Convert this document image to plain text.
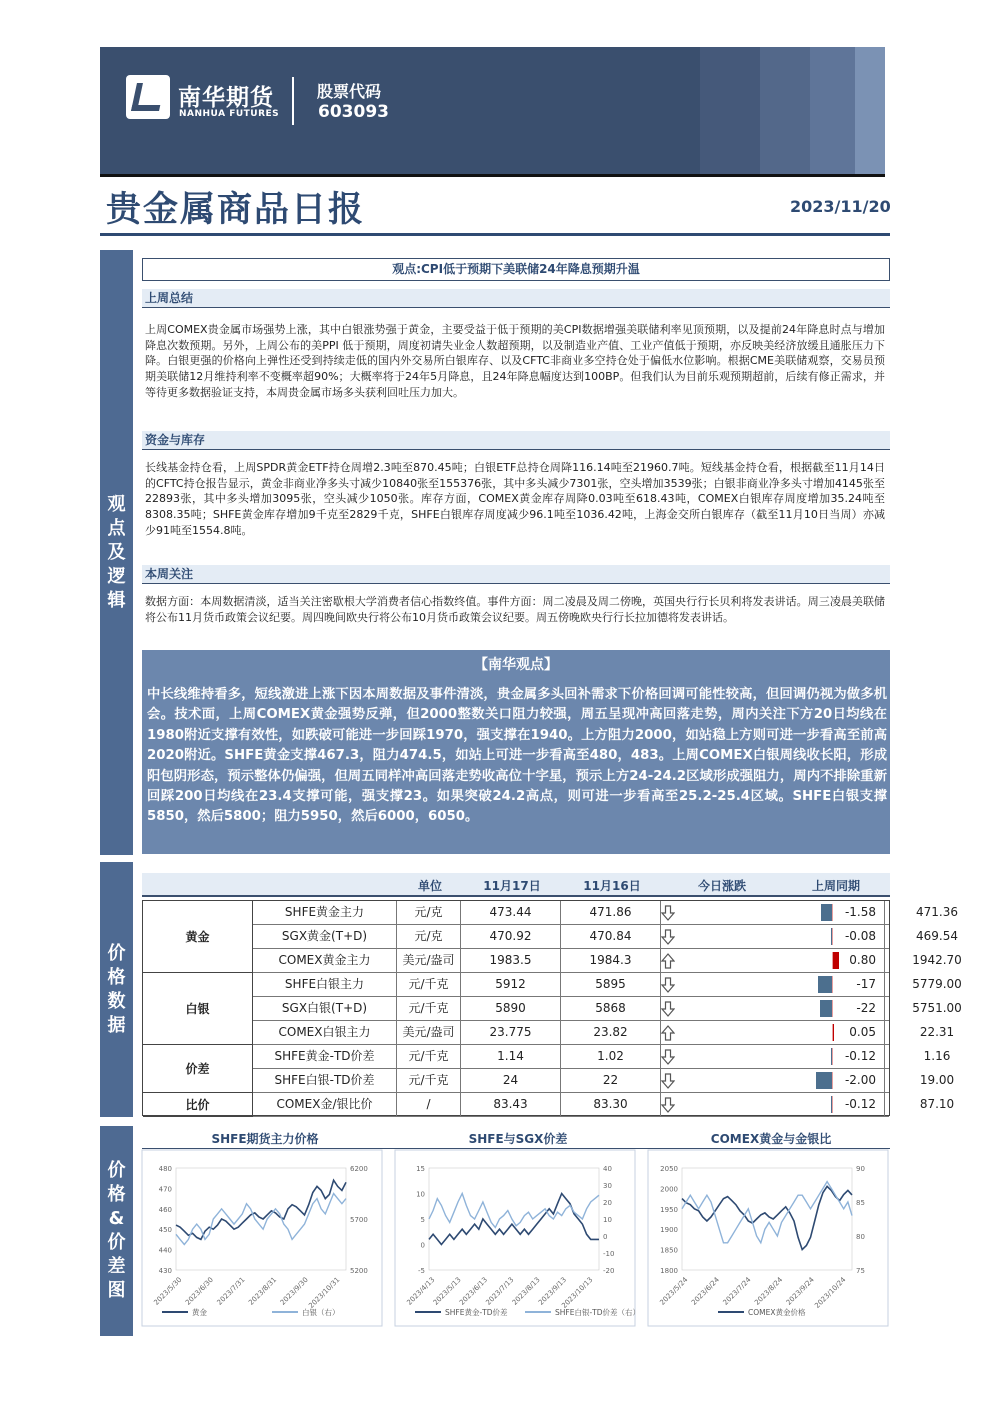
南华期货
NANHUA FUTURES
股票代码
603093
贵金属商品日报	2023/11/20
观点及逻辑
价格数据
价格&价差图
观点:CPI低于预期下美联储24年降息预期升温
上周总结
上周COMEX贵金属市场强势上涨，其中白银涨势强于黄金，主要受益于低于预期的美CPI数据增强美联储利率见顶预期，以及提前24年降息时点与增加降息次数预期。另外，上周公布的美PPI 低于预期，周度初请失业金人数超预期，以及制造业产值、工业产值低于预期，亦反映美经济放缓且通胀压力下降。白银更强的价格向上弹性还受到持续走低的国内外交易所白银库存、以及CFTC非商业多空持仓处于偏低水位影响。根据CME美联储观察，交易员预期美联储12月维持利率不变概率超90%；大概率将于24年5月降息，且24年降息幅度达到100BP。但我们认为目前乐观预期超前，后续有修正需求，并等待更多数据验证支持，本周贵金属市场多头获利回吐压力加大。
资金与库存
长线基金持仓看，上周SPDR黄金ETF持仓周增2.3吨至870.45吨；白银ETF总持仓周降116.14吨至21960.7吨。短线基金持仓看，根据截至11月14日的CFTC持仓报告显示，黄金非商业净多头寸减少10840张至155376张，其中多头减少7301张，空头增加3539张；白银非商业净多头寸增加4145张至22893张，其中多头增加3095张，空头减少1050张。库存方面，COMEX黄金库存周降0.03吨至618.43吨，COMEX白银库存周度增加35.24吨至8308.35吨；SHFE黄金库存增加9千克至2829千克，SHFE白银库存周度减少96.1吨至1036.42吨，上海金交所白银库存（截至11月10日当周）亦减少91吨至1554.8吨。
本周关注
数据方面：本周数据清淡，适当关注密歇根大学消费者信心指数终值。事件方面：周二凌晨及周二傍晚，英国央行行长贝利将发表讲话。周三凌晨美联储将公布11月货币政策会议纪要。周四晚间欧央行将公布10月货币政策会议纪要。周五傍晚欧央行行长拉加德将发表讲话。
【南华观点】
中长线维持看多，短线激进上涨下因本周数据及事件清淡，贵金属多头回补需求下价格回调可能性较高，但回调仍视为做多机会。技术面，上周COMEX黄金强势反弹，但2000整数关口阻力较强，周五呈现冲高回落走势，周内关注下方20日均线在1980附近支撑有效性，如跌破可能进一步回踩1970，强支撑在1940。上方阻力2000，如站稳上方则可进一步看高至前高2020附近。SHFE黄金支撑467.3，阻力474.5，如站上可进一步看高至480，483。上周COMEX白银周线收长阳，形成阳包阴形态，预示整体仍偏强，但周五同样冲高回落走势收高位十字星，预示上方24-24.2区域形成强阻力，周内不排除重新回踩200日均线在23.4支撑可能，强支撑23。如果突破24.2高点，则可进一步看高至25.2-25.4区域。SHFE白银支撑5850，然后5800；阻力5950，然后6000，6050。
单位	11月17日	11月16日	今日涨跌	上周同期
黄金
白银
价差
比价
SHFE黄金主力	元/克	473.44	471.86	-1.58	471.36
SGX黄金(T+D)	元/克	470.92	470.84	-0.08	469.54
COMEX黄金主力	美元/盎司	1983.5	1984.3	0.80	1942.70
SHFE白银主力	元/千克	5912	5895	-17	5779.00
SGX白银(T+D)	元/千克	5890	5868	-22	5751.00
COMEX白银主力	美元/盎司	23.775	23.82	0.05	22.31
SHFE黄金-TD价差	元/千克	1.14	1.02	-0.12	1.16
SHFE白银-TD价差	元/千克	24	22	-2.00	19.00
COMEX金/银比价	/	83.43	83.30	-0.12	87.10
SHFE期货主力价格	SHFE与SGX价差	COMEX黄金与金银比
480
470
460
450
440
430
6200
5700
5200
2023/5/30 2023/6/30 2023/7/31 2023/8/31 2023/9/30
2023/10/31
黄金	白银（右）
15
10
5
0
-5
40
30
20
10
0
-10
-20
2023/4/13
2023/5/13
2023/6/13
2023/7/13
2023/8/13
2023/9/13
2023/10/13
SHFE黄金-TD价差	SHFE白银-TD价差（右）
2050
2000
1950
1900
1850
1800
90
85
80
75
2023/5/24 2023/6/24 2023/7/24 2023/8/24 2023/9/24
2023/10/24
COMEX黄金价格
